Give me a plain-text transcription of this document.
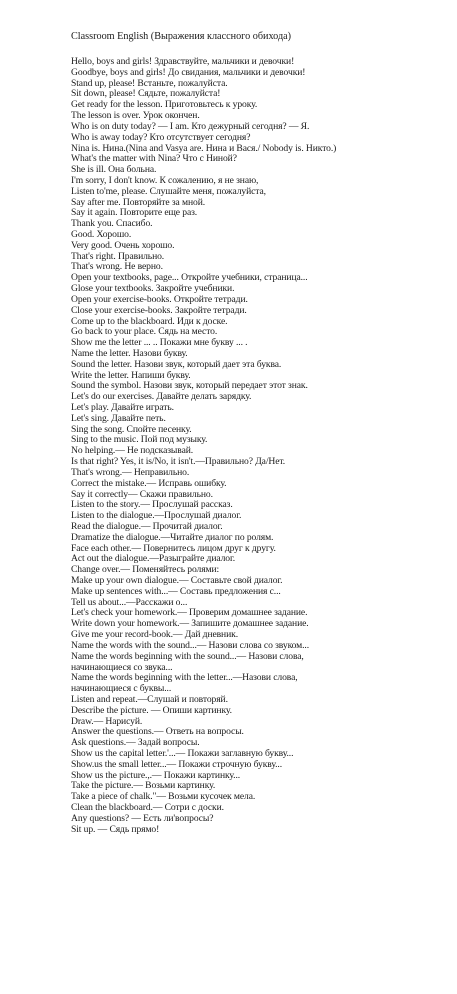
Classroom English (Выражения классного обихода)
Hello, boys and girls! Здравствуйте, мальчики и девочки!
Goodbye, boys and girls! До свидания, мальчики и девочки!
Stand up, please! Встаньте, пожалуйста.
Sit down, please! Сядьте, пожалуйста!
Get ready for the lesson. Приготовьтесь к уроку.
The lesson is over. Урок окончен.
Who is on duty today? — I am. Кто дежурный сегодня? — Я.
Who is away today? Кто отсутствует сегодня?
Nina is. Нина.(Nina and Vasya are. Нина и Вася./ Nobody is. Никто.)
What's the matter with Nina? Что с Ниной?
She is ill. Она больна.
I'm sorry, I don't know. К сожалению, я не знаю,
Listen to'me, please. Слушайте меня, пожалуйста,
Say after me. Повторяйте за мной.
Say it again. Повторите еще раз.
Thank you. Спасибо.
Good. Хорошо.
Very good. Очень хорошо.
That's right. Правильно.
That's wrong. Не верно.
Open your textbooks, page... Откройте учебники, страница...
Glose your textbooks. Закройте учебники.
Open your exercise-books. Откройте тетради.
Close your exercise-books. Закройте тетради.
Come up to the blackboard. Иди к доске.
Go back to your place. Сядь на место.
Show me the letter ... .. Покажи мне букву ... .
Name the letter. Назови букву.
Sound the letter. Назови звук, который дает эта буква.
Write the letter. Напиши букву.
Sound the symbol. Назови звук, который передает этот знак.
Let's do our exercises. Давайте делать зарядку.
Let's play. Давайте играть.
Let's sing. Давайте петь.
Sing the song. Спойте песенку.
Sing to the music. Пой под музыку.
No helping.— Не подсказывай.
Is that right? Yes, it is/No, it isn't.—Правильно? Да/Нет.
That's wrong.— Неправильно.
Correct the mistake.— Исправь ошибку.
Say it correctly— Скажи правильно.
Listen to the story.— Прослушай рассказ.
Listen to the dialogue.—Прослушай диалог.
Read the dialogue.— Прочитай диалог.
Dramatize the dialogue.—Читайте диалог по ролям.
Face each other.— Повернитесь лицом друг к другу.
Act out the dialogue.—Разыграйте диалог.
Change over.— Поменяйтесь ролями:
Make up your own dialogue.— Составьте свой диалог.
Make up sentences with...— Составь предложения с...
Tell us about...—Расскажи о...
Let's check your homework.— Проверим домашнее задание.
Write down your homework.— Запишите домашнее задание.
Give me your record-book.— Дай дневник.
Name the words with the sound...— Назови слова со звуком...
Name the words beginning with the sound...— Назови слова,
начинающиеся со звука...
Name the words beginning with the letter...—Назови слова,
начинающиеся с буквы...
Listen and repeat.—Слушай и повторяй.
Describe the picture. — Опиши картинку.
Draw.— Нарисуй.
Answer the questions.— Ответь на вопросы.
Ask questions.— Задай вопросы.
Show us the capital letter.'...— Покажи заглавную букву...
Show.us the small letter...— Покажи строчную букву...
Show us the picture.,.— Покажи картинку...
Take the picture.— Возьми картинку.
Take a piece of chalk."— Возьми кусочек мела.
Clean the blackboard.— Сотри с доски.
Any questions? — Есть ли'вопросы?
Sit up. — Сядь прямо!
